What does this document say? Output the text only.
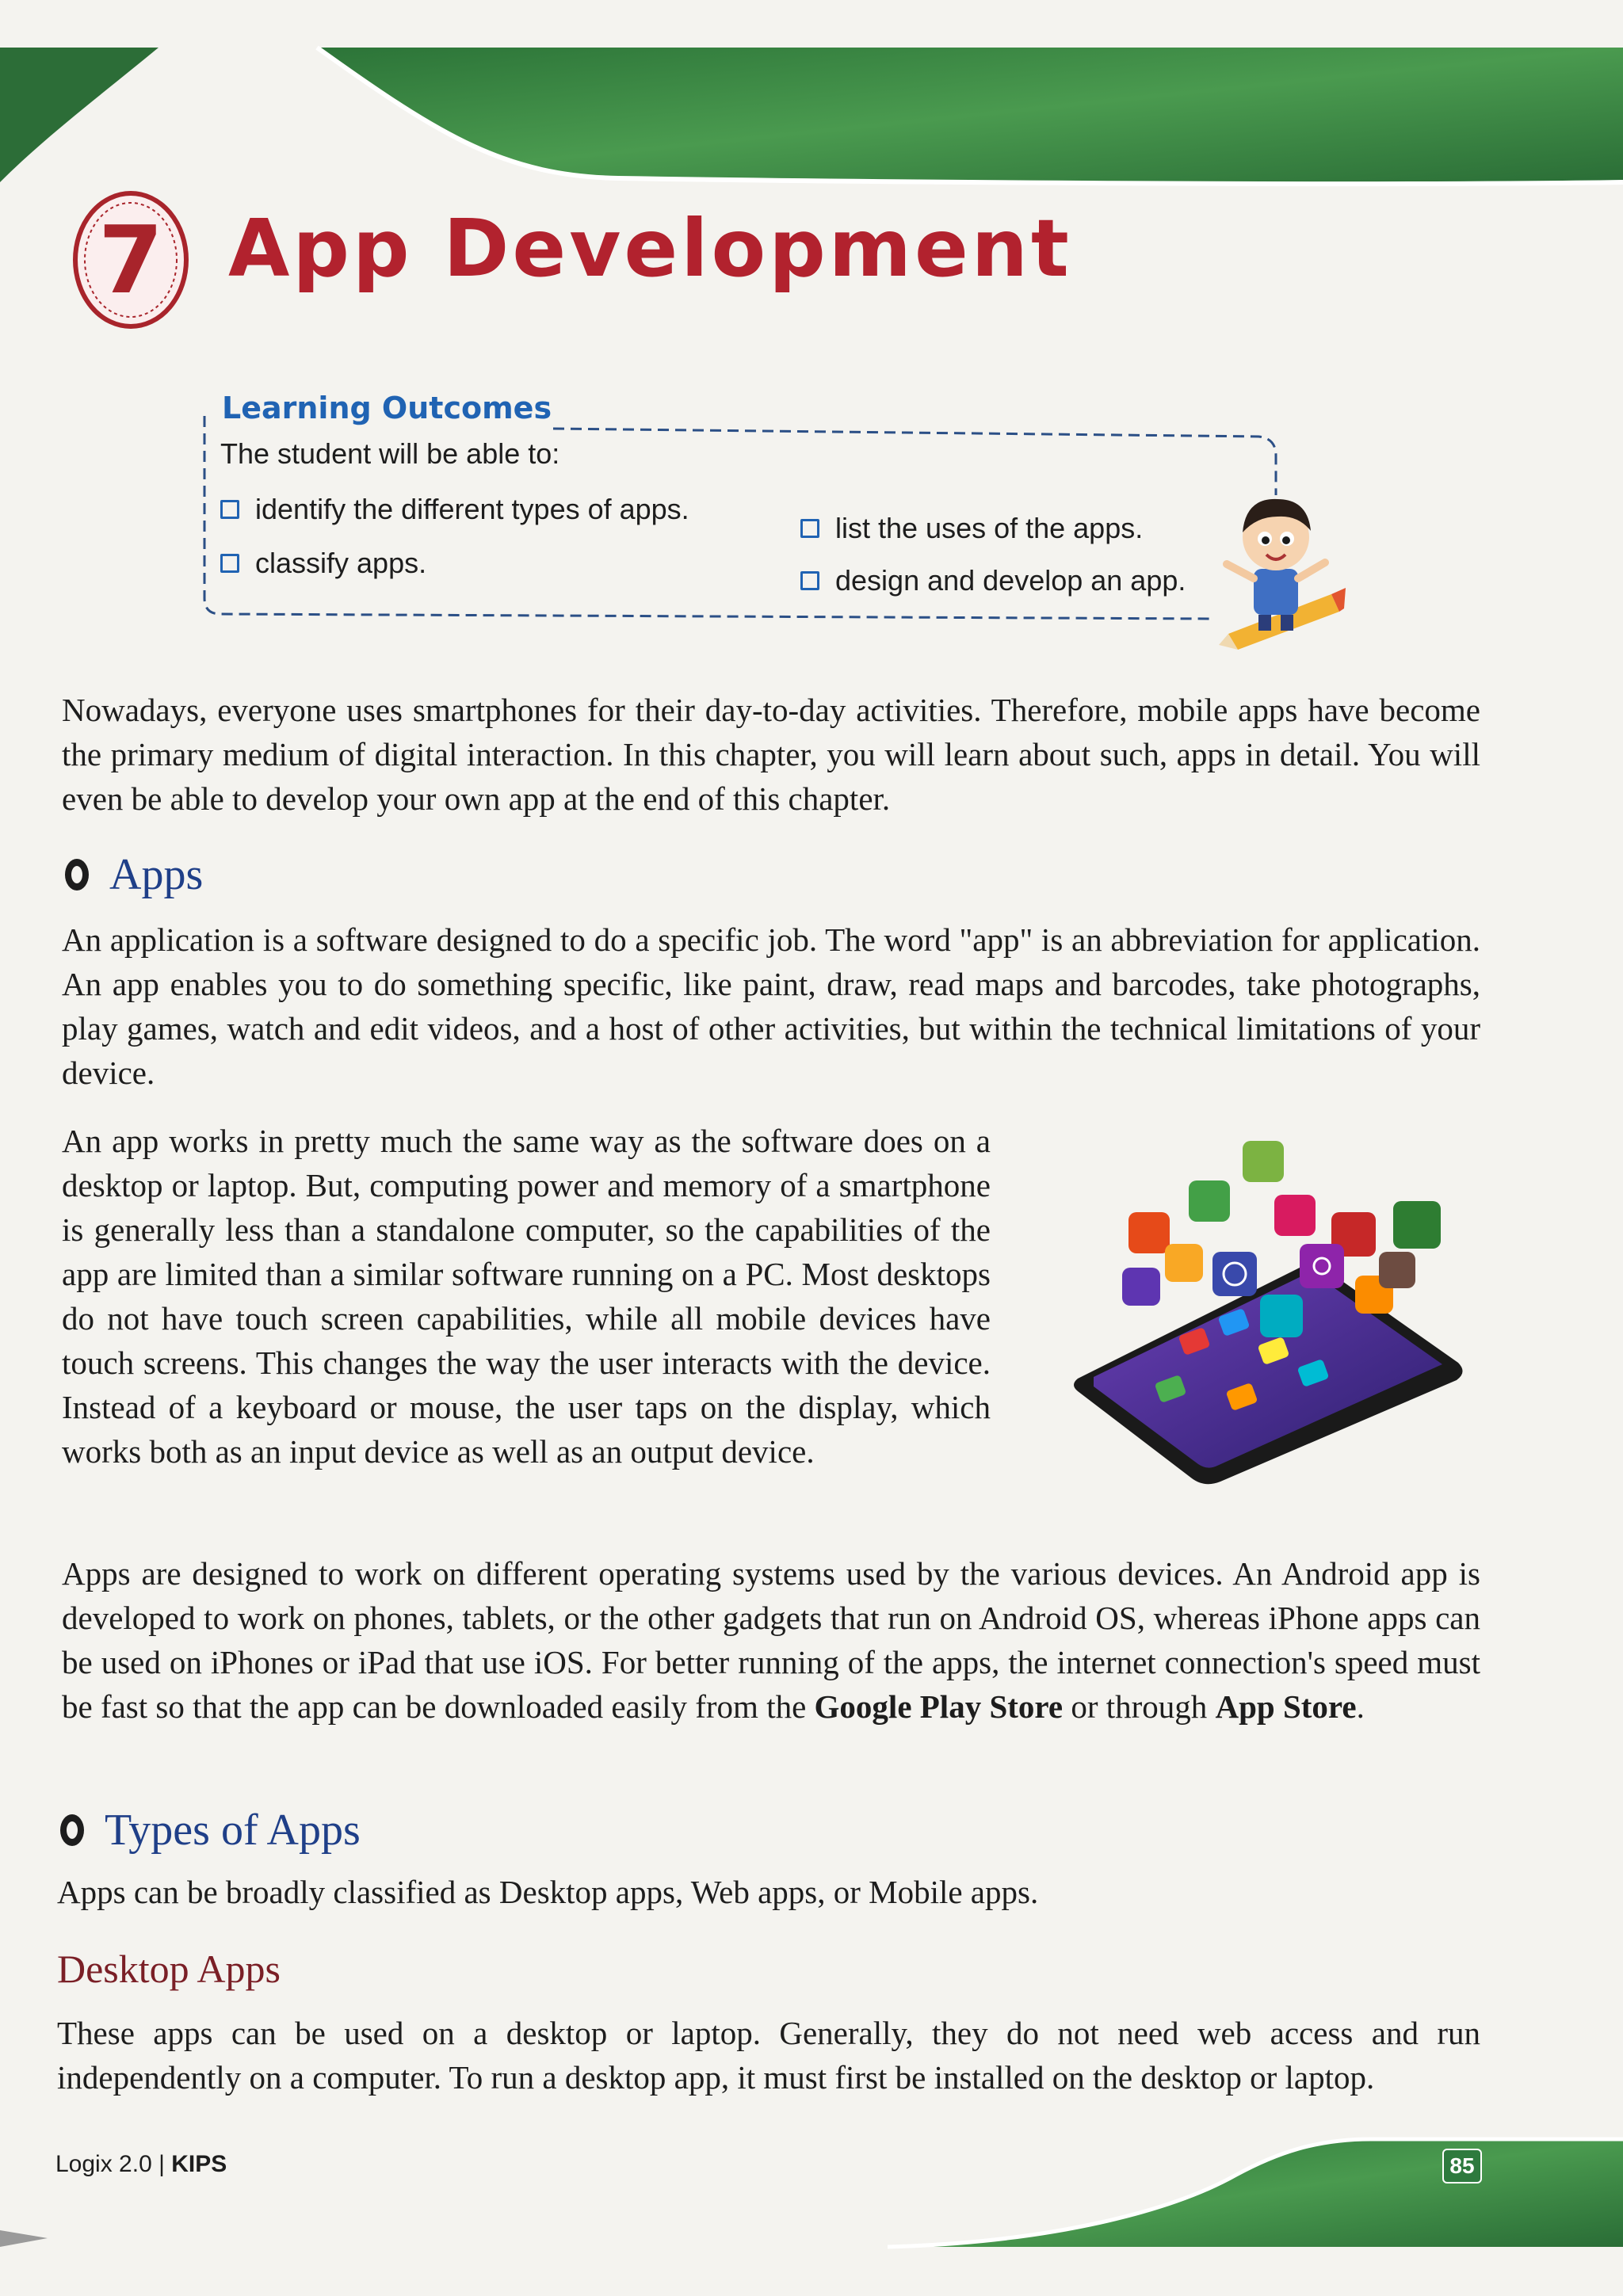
7 App Development
Learning Outcomes
The student will be able to:
identify the different types of apps.
classify apps.
list the uses of the apps.
design and develop an app.

Nowadays, everyone uses smartphones for their day-to-day activities. Therefore, mobile apps have become the primary medium of digital interaction. In this chapter, you will learn about such, apps in detail. You will even be able to develop your own app at the end of this chapter.

Apps

An application is a software designed to do a specific job. The word "app" is an abbreviation for application. An app enables you to do something specific, like paint, draw, read maps and barcodes, take photographs, play games, watch and edit videos, and a host of other activities, but within the technical limitations of your device.

An app works in pretty much the same way as the software does on a desktop or laptop. But, computing power and memory of a smartphone is generally less than a standalone computer, so the capabilities of the app are limited than a similar software running on a PC. Most desktops do not have touch screen capabilities, while all mobile devices have touch screens. This changes the way the user interacts with the device. Instead of a keyboard or mouse, the user taps on the display, which works both as an input device as well as an output device.

Apps are designed to work on different operating systems used by the various devices. An Android app is developed to work on phones, tablets, or the other gadgets that run on Android OS, whereas iPhone apps can be used on iPhones or iPad that use iOS. For better running of the apps, the internet connection's speed must be fast so that the app can be downloaded easily from the Google Play Store or through App Store.

Types of Apps

Apps can be broadly classified as Desktop apps, Web apps, or Mobile apps.

Desktop Apps

These apps can be used on a desktop or laptop. Generally, they do not need web access and run independently on a computer. To run a desktop app, it must first be installed on the desktop or laptop.

Logix 2.0 | KIPS	85
